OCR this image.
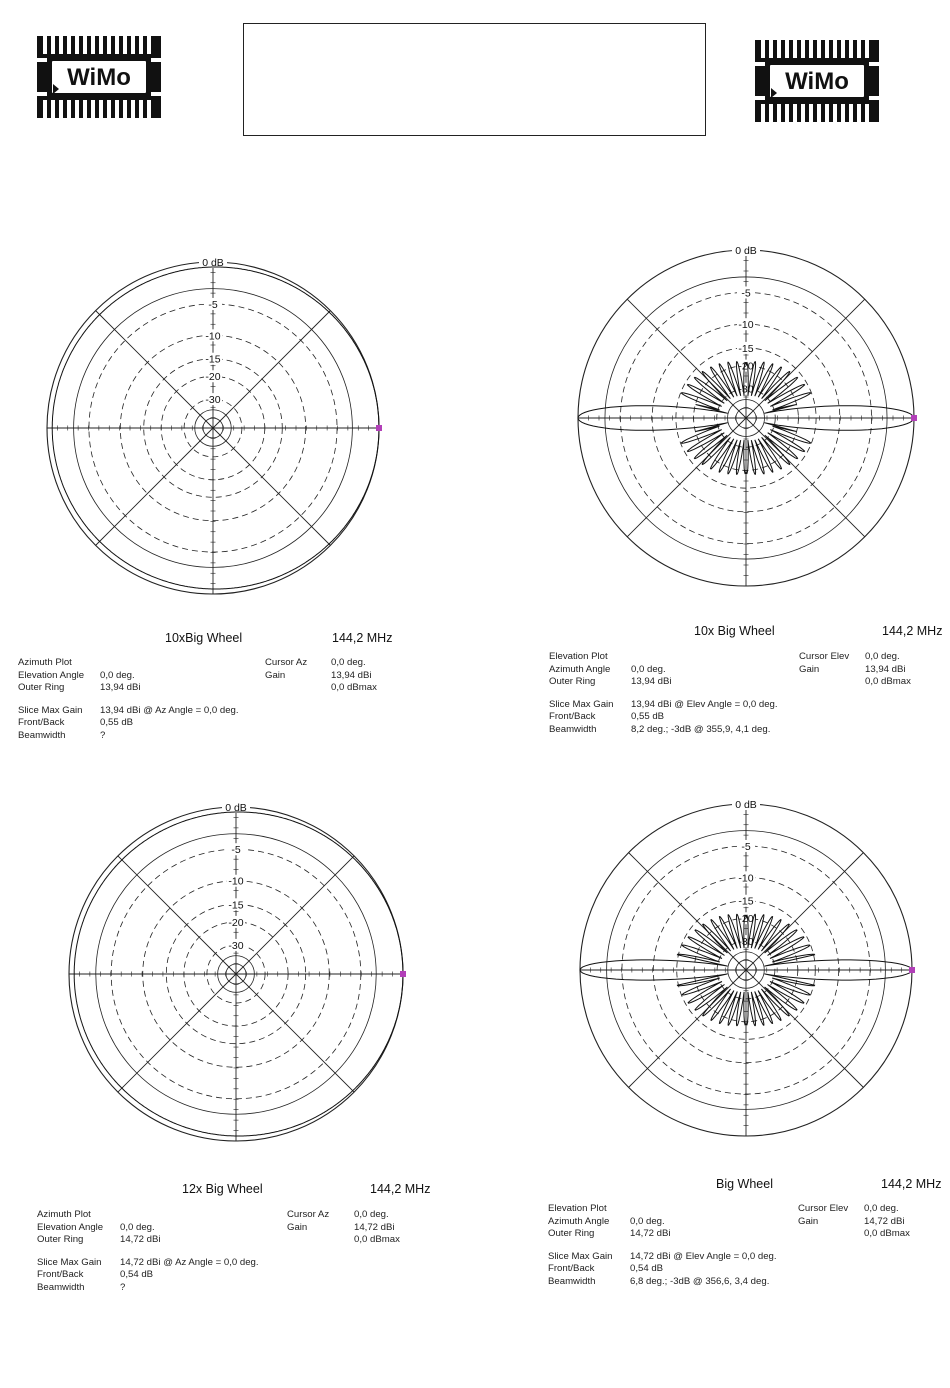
WiMo	WiMo
0 dB
-5
-10
-15
-20
-30
10xBig Wheel	144,2 MHz
Azimuth Plot	Cursor Az 0,0 deg.
Elevation Angle 0,0 deg.	Gain	13,94 dBi
Outer Ring	13,94 dBi	0,0 dBmax
Slice Max Gain 13,94 dBi @ Az Angle = 0,0 deg.
Front/Back	0,55 dB
Beamwidth	?
0 dB
-5
-10
-15
-20
-30
10x Big Wheel	144,2 MHz
Elevation Plot	Cursor Elev 0,0 deg.
Azimuth Angle 0,0 deg.	Gain	13,94 dBi
Outer Ring	13,94 dBi	0,0 dBmax
Slice Max Gain 13,94 dBi @ Elev Angle = 0,0 deg.
Front/Back	0,55 dB
Beamwidth	8,2 deg.; -3dB @ 355,9, 4,1 deg.
0 dB
-5
-10
-15
-20
-30
12x Big Wheel	144,2 MHz
Azimuth Plot	Cursor Az	0,0 deg.
Elevation Angle 0,0 deg.	Gain	14,72 dBi
Outer Ring	14,72 dBi	0,0 dBmax
Slice Max Gain 14,72 dBi @ Az Angle = 0,0 deg.
Front/Back	0,54 dB
Beamwidth	?
0 dB
-5
-10
-15
-20
-30
Big Wheel	144,2 MHz
Elevation Plot	Cursor Elev 0,0 deg.
Azimuth Angle 0,0 deg.	Gain	14,72 dBi
Outer Ring	14,72 dBi	0,0 dBmax
Slice Max Gain 14,72 dBi @ Elev Angle = 0,0 deg.
Front/Back	0,54 dB
Beamwidth	6,8 deg.; -3dB @ 356,6, 3,4 deg.
